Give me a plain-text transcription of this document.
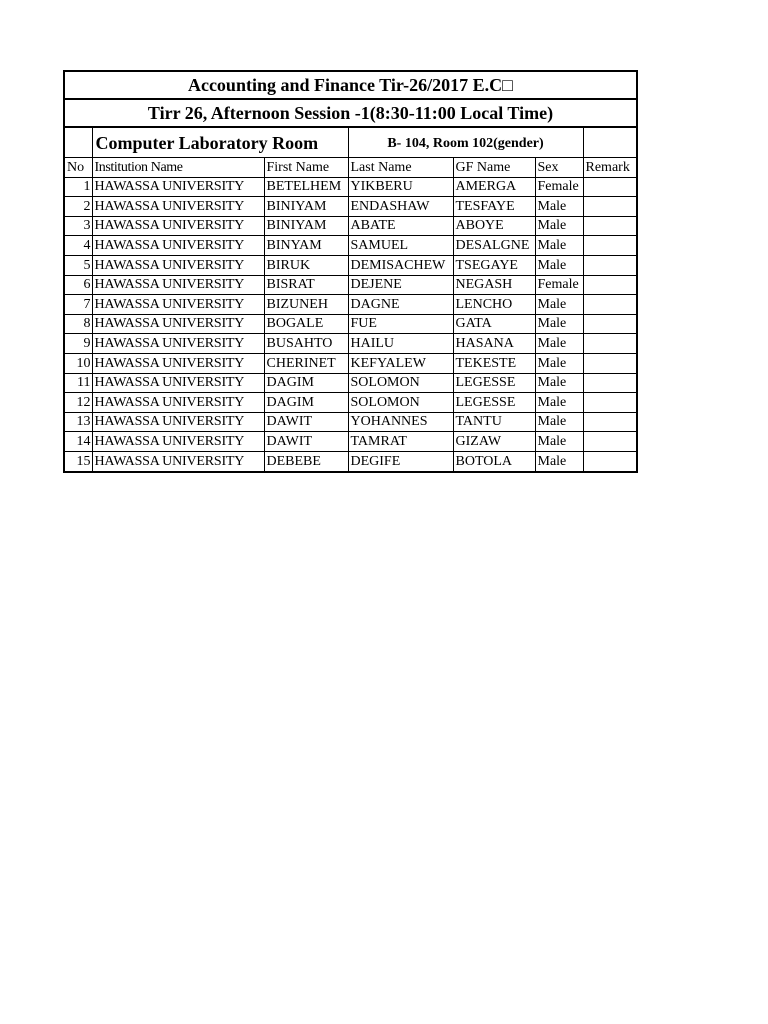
Accounting and Finance Tir-26/2017 E.C□						
Tirr 26, Afternoon Session -1(8:30-11:00 Local Time)						
	Computer Laboratory Room		B- 104, Room 102(gender)			
No	Institution Name	First Name	Last Name	GF Name	Sex	Remark
1	HAWASSA UNIVERSITY	BETELHEM	YIKBERU	AMERGA	Female	
2	HAWASSA UNIVERSITY	BINIYAM	ENDASHAW	TESFAYE	Male	
3	HAWASSA UNIVERSITY	BINIYAM	ABATE	ABOYE	Male	
4	HAWASSA UNIVERSITY	BINYAM	SAMUEL	DESALGNE	Male	
5	HAWASSA UNIVERSITY	BIRUK	DEMISACHEW	TSEGAYE	Male	
6	HAWASSA UNIVERSITY	BISRAT	DEJENE	NEGASH	Female	
7	HAWASSA UNIVERSITY	BIZUNEH	DAGNE	LENCHO	Male	
8	HAWASSA UNIVERSITY	BOGALE	FUE	GATA	Male	
9	HAWASSA UNIVERSITY	BUSAHTO	HAILU	HASANA	Male	
10	HAWASSA UNIVERSITY	CHERINET	KEFYALEW	TEKESTE	Male	
11	HAWASSA UNIVERSITY	DAGIM	SOLOMON	LEGESSE	Male	
12	HAWASSA UNIVERSITY	DAGIM	SOLOMON	LEGESSE	Male	
13	HAWASSA UNIVERSITY	DAWIT	YOHANNES	TANTU	Male	
14	HAWASSA UNIVERSITY	DAWIT	TAMRAT	GIZAW	Male	
15	HAWASSA UNIVERSITY	DEBEBE	DEGIFE	BOTOLA	Male	
